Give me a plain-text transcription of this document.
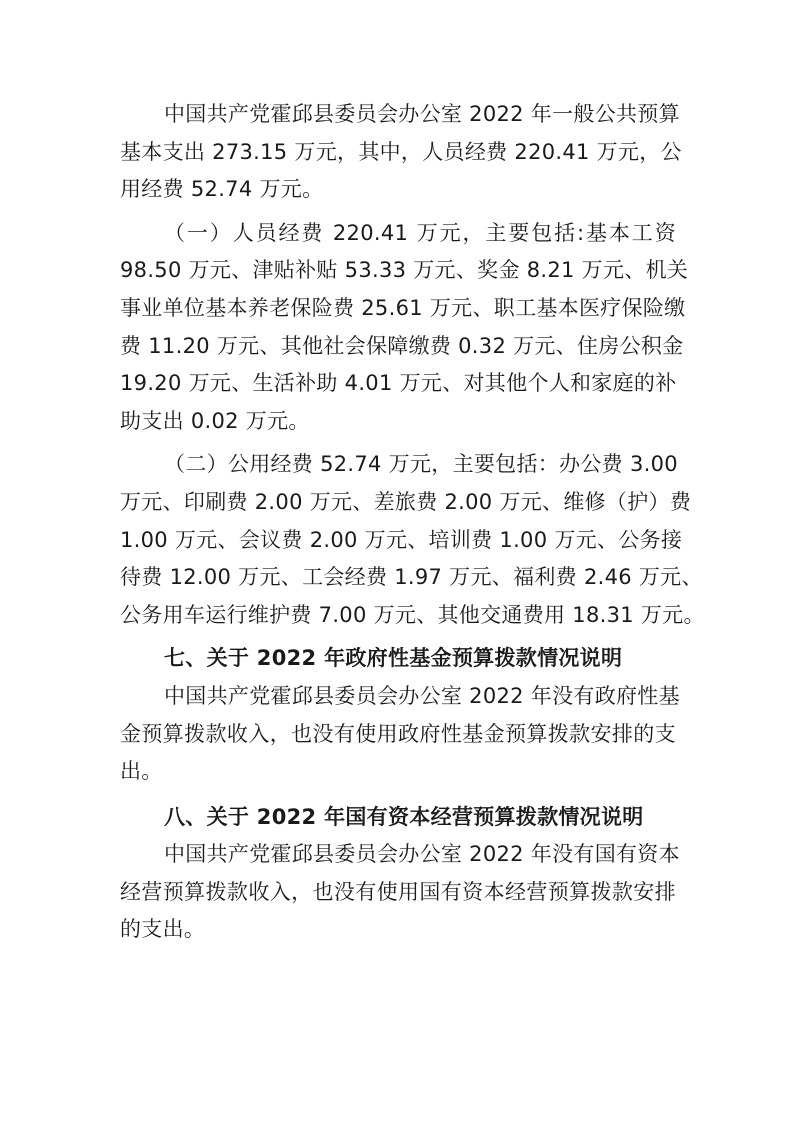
中国共产党霍邱县委员会办公室 2022 年一般公共预算
基本支出 273.15 万元，其中，人员经费 220.41 万元，公
用经费 52.74 万元。
（一）人员经费 220.41 万元，主要包括:基本工资
98.50 万元、津贴补贴 53.33 万元、奖金 8.21 万元、机关
事业单位基本养老保险费 25.61 万元、职工基本医疗保险缴
费 11.20 万元、其他社会保障缴费 0.32 万元、住房公积金
19.20 万元、生活补助 4.01 万元、对其他个人和家庭的补
助支出 0.02 万元。
（二）公用经费 52.74 万元，主要包括：办公费 3.00
万元、印刷费 2.00 万元、差旅费 2.00 万元、维修（护）费
1.00 万元、会议费 2.00 万元、培训费 1.00 万元、公务接
待费 12.00 万元、工会经费 1.97 万元、福利费 2.46 万元、
公务用车运行维护费 7.00 万元、其他交通费用 18.31 万元。
七、关于 2022 年政府性基金预算拨款情况说明
中国共产党霍邱县委员会办公室 2022 年没有政府性基
金预算拨款收入，也没有使用政府性基金预算拨款安排的支
出。
八、关于 2022 年国有资本经营预算拨款情况说明
中国共产党霍邱县委员会办公室 2022 年没有国有资本
经营预算拨款收入，也没有使用国有资本经营预算拨款安排
的支出。
